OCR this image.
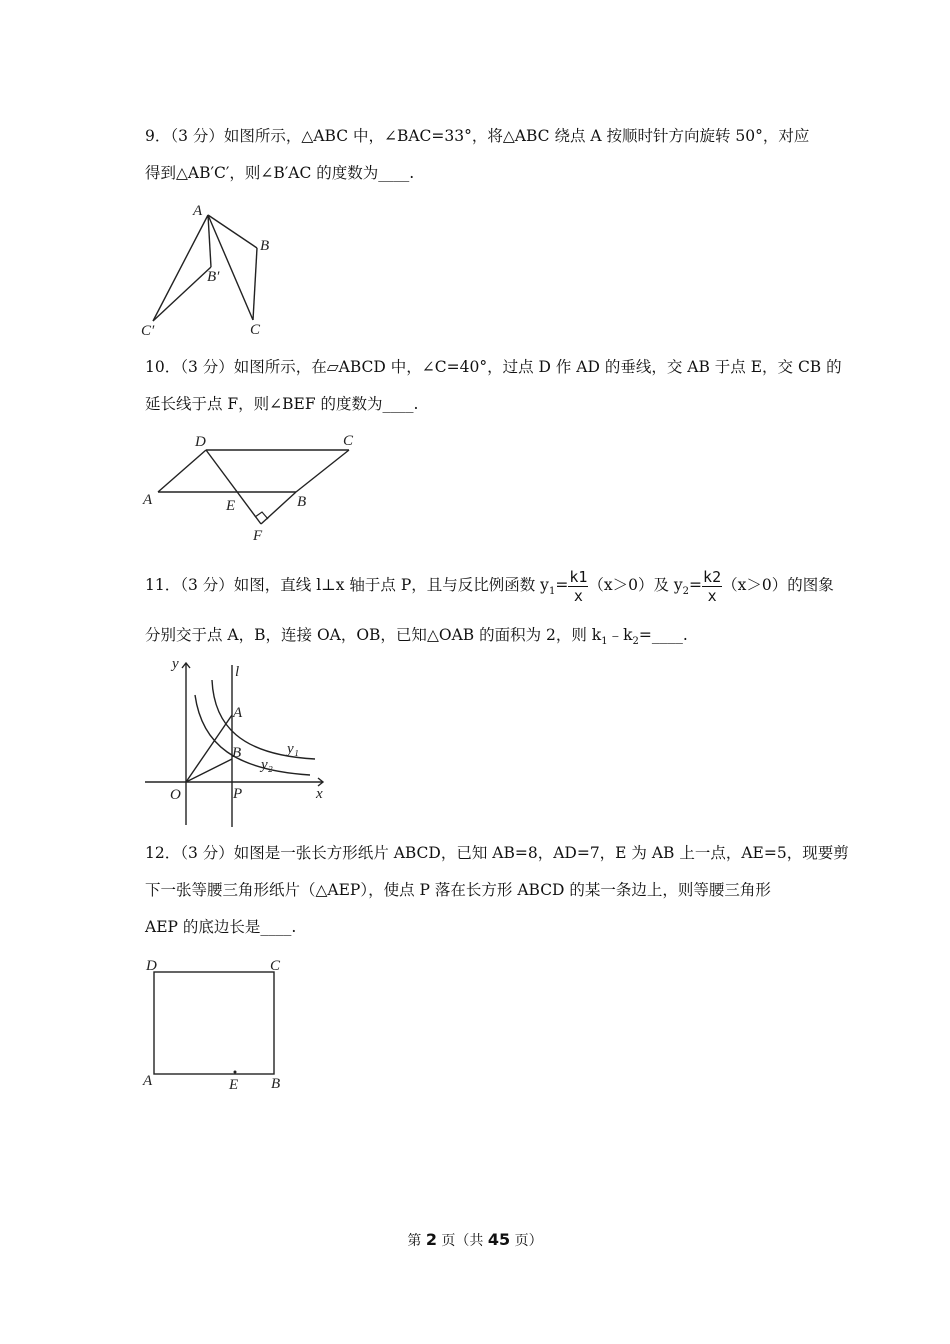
9．（3 分）如图所示，△ABC 中，∠BAC=33°，将△ABC 绕点 A 按顺时针方向旋转 50°，对应
得到△AB′C′，则∠B′AC 的度数为____.
A
B
B′
C
C′
10．（3 分）如图所示，在▱ABCD 中，∠C=40°，过点 D 作 AD 的垂线，交 AB 于点 E，交 CB 的
延长线于点 F，则∠BEF 的度数为____.
D	C
A	E	B
F
11．（3 分）如图，直线 l⊥x 轴于点 P，且与反比例函数 $y_1= \frac{k1}{x} (x>0)$及 $y_2= \frac{k2}{x} (x>0)$的图象
分别交于点 A，B，连接 OA，OB，已知△OAB 的面积为 2，则 $k_1﹣k_2=\_\_\_\_$.
y	l
A
B	y₁
y₂
O	P	x
12．（3 分）如图是一张长方形纸片 ABCD，已知 AB=8，AD=7，E 为 AB 上一点，AE=5，现要剪
下一张等腰三角形纸片（△AEP），使点 P 落在长方形 ABCD 的某一条边上，则等腰三角形
AEP 的底边长是____.
D	C
A	E B
第 2 页（共 45 页）
